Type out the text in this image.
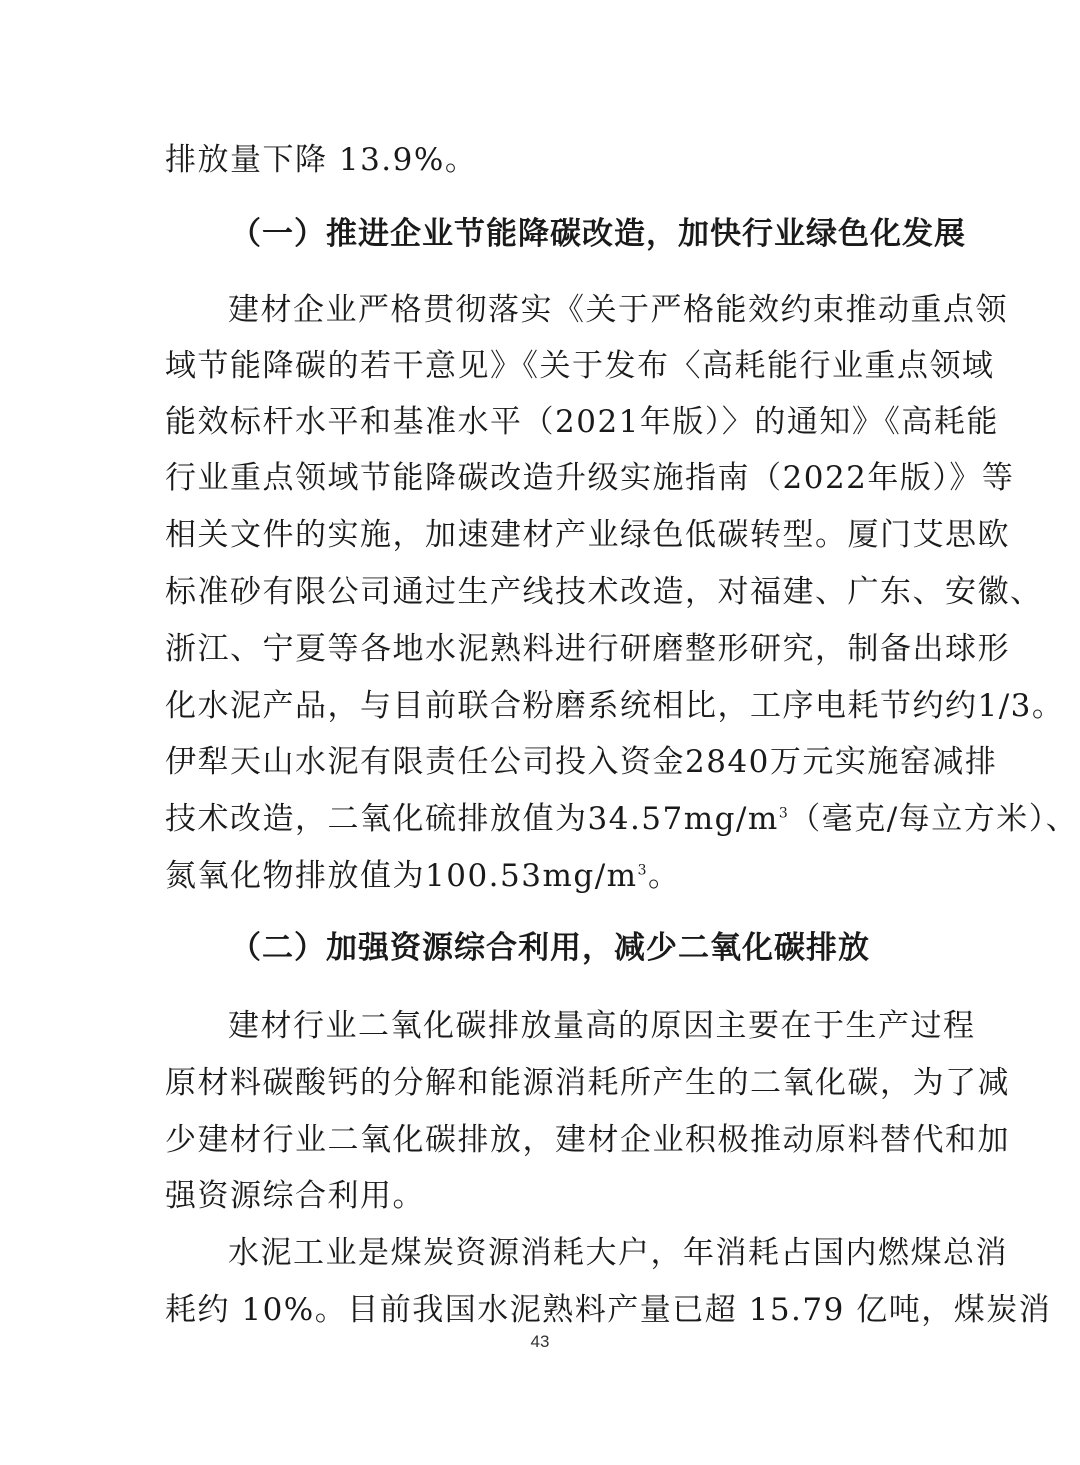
排放量下降 13.9%。
（一）推进企业节能降碳改造，加快行业绿色化发展
建材企业严格贯彻落实《关于严格能效约束推动重点领
域节能降碳的若干意见》《关于发布〈高耗能行业重点领域
能效标杆水平和基准水平（2021年版）〉的通知》《高耗能
行业重点领域节能降碳改造升级实施指南（2022年版）》等
相关文件的实施，加速建材产业绿色低碳转型。厦门艾思欧
标准砂有限公司通过生产线技术改造，对福建、广东、安徽、
浙江、宁夏等各地水泥熟料进行研磨整形研究，制备出球形
化水泥产品，与目前联合粉磨系统相比，工序电耗节约约1/3。
伊犁天山水泥有限责任公司投入资金2840万元实施窑减排
技术改造，二氧化硫排放值为$34.57mg/m^3$（毫克/每立方米）、
氮氧化物排放值为$100.53mg/m^3$。
（二）加强资源综合利用，减少二氧化碳排放
建材行业二氧化碳排放量高的原因主要在于生产过程
原材料碳酸钙的分解和能源消耗所产生的二氧化碳，为了减
少建材行业二氧化碳排放，建材企业积极推动原料替代和加
强资源综合利用。
水泥工业是煤炭资源消耗大户，年消耗占国内燃煤总消
耗约 10%。目前我国水泥熟料产量已超 15.79 亿吨，煤炭消
43
